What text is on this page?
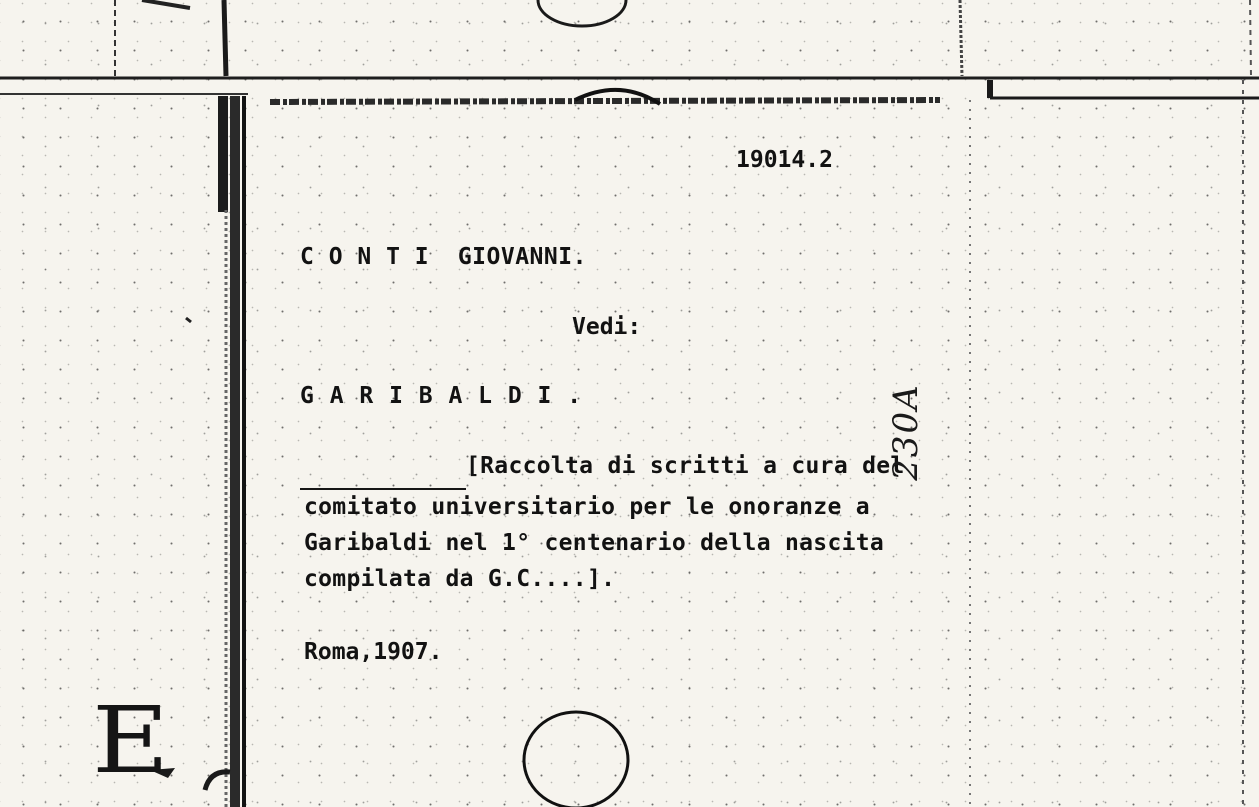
19014.2
C O N T I  GIOVANNI.
Vedi:
G A R I B A L D I .
[Raccolta di scritti a cura del
comitato universitario per le onoranze a
Garibaldi nel 1° centenario della nascita
compilata da G.C....].
Roma,1907.
230A
E
